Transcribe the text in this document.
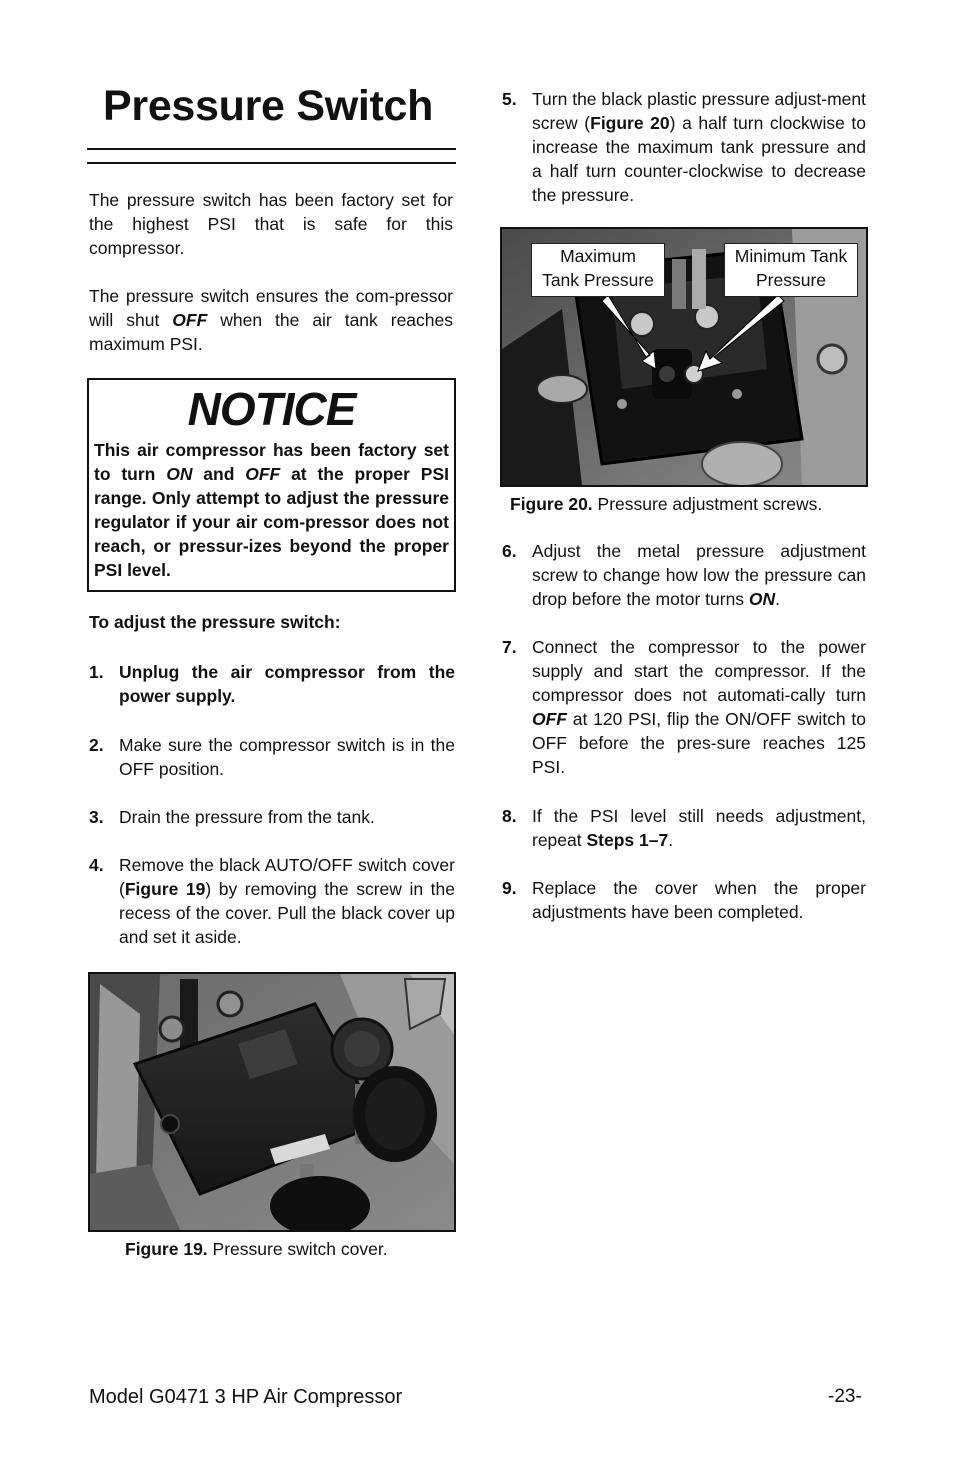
Pressure Switch

The pressure switch has been factory set for the highest PSI that is safe for this compressor.

The pressure switch ensures the com-pressor will shut OFF when the air tank reaches maximum PSI.

NOTICE

This air compressor has been factory set to turn ON and OFF at the proper PSI range. Only attempt to adjust the pressure regulator if your air com-pressor does not reach, or pressur-izes beyond the proper PSI level.

To adjust the pressure switch:

1. Unplug the air compressor from the power supply.
2. Make sure the compressor switch is in the OFF position.
3. Drain the pressure from the tank.
4. Remove the black AUTO/OFF switch cover (Figure 19) by removing the screw in the recess of the cover. Pull the black cover up and set it aside.

Figure 19. Pressure switch cover.

5. Turn the black plastic pressure adjust-ment screw (Figure 20) a half turn clockwise to increase the maximum tank pressure and a half turn counter-clockwise to decrease the pressure.
Maximum
Tank Pressure
Minimum Tank
Pressure

Figure 20. Pressure adjustment screws.

6. Adjust the metal pressure adjustment screw to change how low the pressure can drop before the motor turns ON.
7. Connect the compressor to the power supply and start the compressor. If the compressor does not automati-cally turn OFF at 120 PSI, flip the ON/OFF switch to OFF before the pres-sure reaches 125 PSI.
8. If the PSI level still needs adjustment, repeat Steps 1–7.
9. Replace the cover when the proper adjustments have been completed.

Model G0471 3 HP Air Compressor	-23-
